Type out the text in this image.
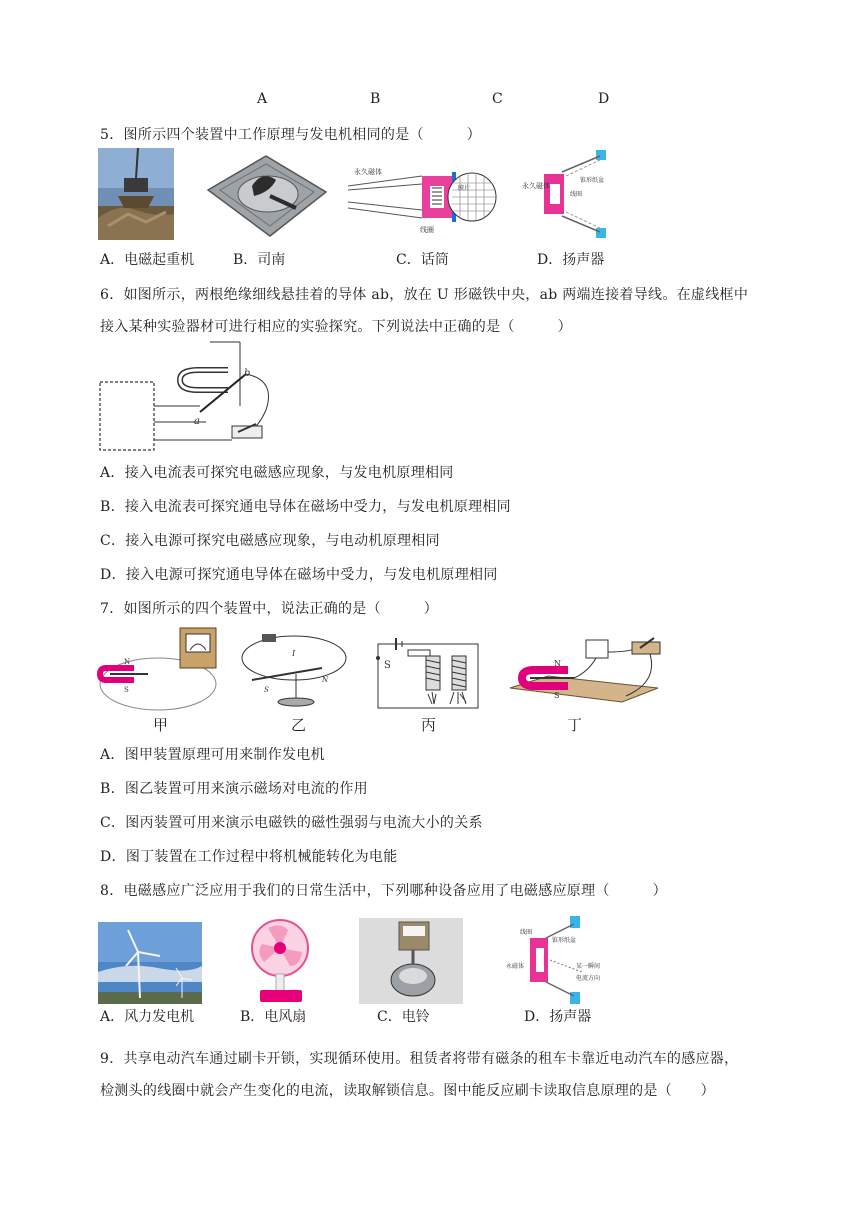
A	B	C	D
5．图所示四个装置中工作原理与发电机相同的是（　　　）
永久磁体
线圈
膜片	永久磁体
锥形纸盆
线圈
A．电磁起重机	B．司南	C．话筒	D．扬声器
6．如图所示，两根绝缘细线悬挂着的导体 ab，放在 U 形磁铁中央，ab 两端连接着导线。在虚线框中
接入某种实验器材可进行相应的实验探究。下列说法中正确的是（　　　）
b
a
A．接入电流表可探究电磁感应现象，与发电机原理相同
B．接入电流表可探究通电导体在磁场中受力，与发电机原理相同
C．接入电源可探究电磁感应现象，与电动机原理相同
D．接入电源可探究通电导体在磁场中受力，与发电机原理相同
7．如图所示的四个装置中，说法正确的是（　　　）
N
S
I
S
N
S	N
S
甲	乙	丙	丁
A．图甲装置原理可用来制作发电机
B．图乙装置可用来演示磁场对电流的作用
C．图丙装置可用来演示电磁铁的磁性强弱与电流大小的关系
D．图丁装置在工作过程中将机械能转化为电能
8．电磁感应广泛应用于我们的日常生活中，下列哪种设备应用了电磁感应原理（　　　）
线圈
锥形纸盆
永磁体	某一瞬间
电流方向
A．风力发电机	B．电风扇	C．电铃	D．扬声器
9．共享电动汽车通过刷卡开锁，实现循环使用。租赁者将带有磁条的租车卡靠近电动汽车的感应器，
检测头的线圈中就会产生变化的电流，读取解锁信息。图中能反应刷卡读取信息原理的是（　　）
